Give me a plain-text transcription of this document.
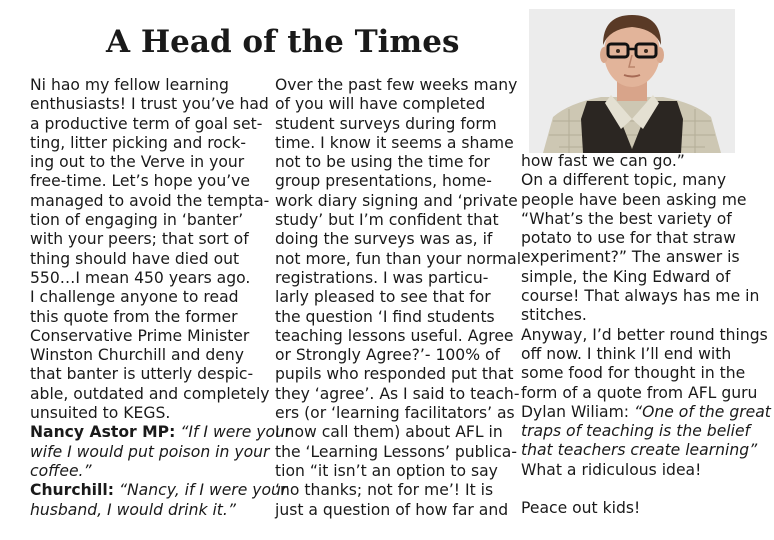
A Head of the Times
Ni hao my fellow learning
enthusiasts! I trust you’ve had
a productive term of goal set-
ting, litter picking and rock-
ing out to the Verve in your
free-time. Let’s hope you’ve
managed to avoid the tempta-
tion of engaging in ‘banter’
with your peers; that sort of
thing should have died out
550…I mean 450 years ago.
I challenge anyone to read
this quote from the former
Conservative Prime Minister
Winston Churchill and deny
that banter is utterly despic-
able, outdated and completely
unsuited to KEGS.
Nancy Astor MP: “If I were your
wife I would put poison in your
coffee.”
Churchill: “Nancy, if I were your
husband, I would drink it.”
Over the past few weeks many
of you will have completed
student surveys during form
time. I know it seems a shame
not to be using the time for
group presentations, home-
work diary signing and ‘private
study’ but I’m confident that
doing the surveys was as, if
not more, fun than your normal
registrations. I was particu-
larly pleased to see that for
the question ‘I find students
teaching lessons useful. Agree
or Strongly Agree?’- 100% of
pupils who responded put that
they ‘agree’. As I said to teach-
ers (or ‘learning facilitators’ as
I now call them) about AFL in
the ‘Learning Lessons’ publica-
tion “it isn’t an option to say
‘no thanks; not for me’! It is
just a question of how far and
how fast we can go.”
On a different topic, many
people have been asking me
“What’s the best variety of
potato to use for that straw
experiment?” The answer is
simple, the King Edward of
course! That always has me in
stitches.
Anyway, I’d better round things
off now. I think I’ll end with
some food for thought in the
form of a quote from AFL guru
Dylan Wiliam: “One of the great
traps of teaching is the belief
that teachers create learning”
What a ridiculous idea!
Peace out kids!
